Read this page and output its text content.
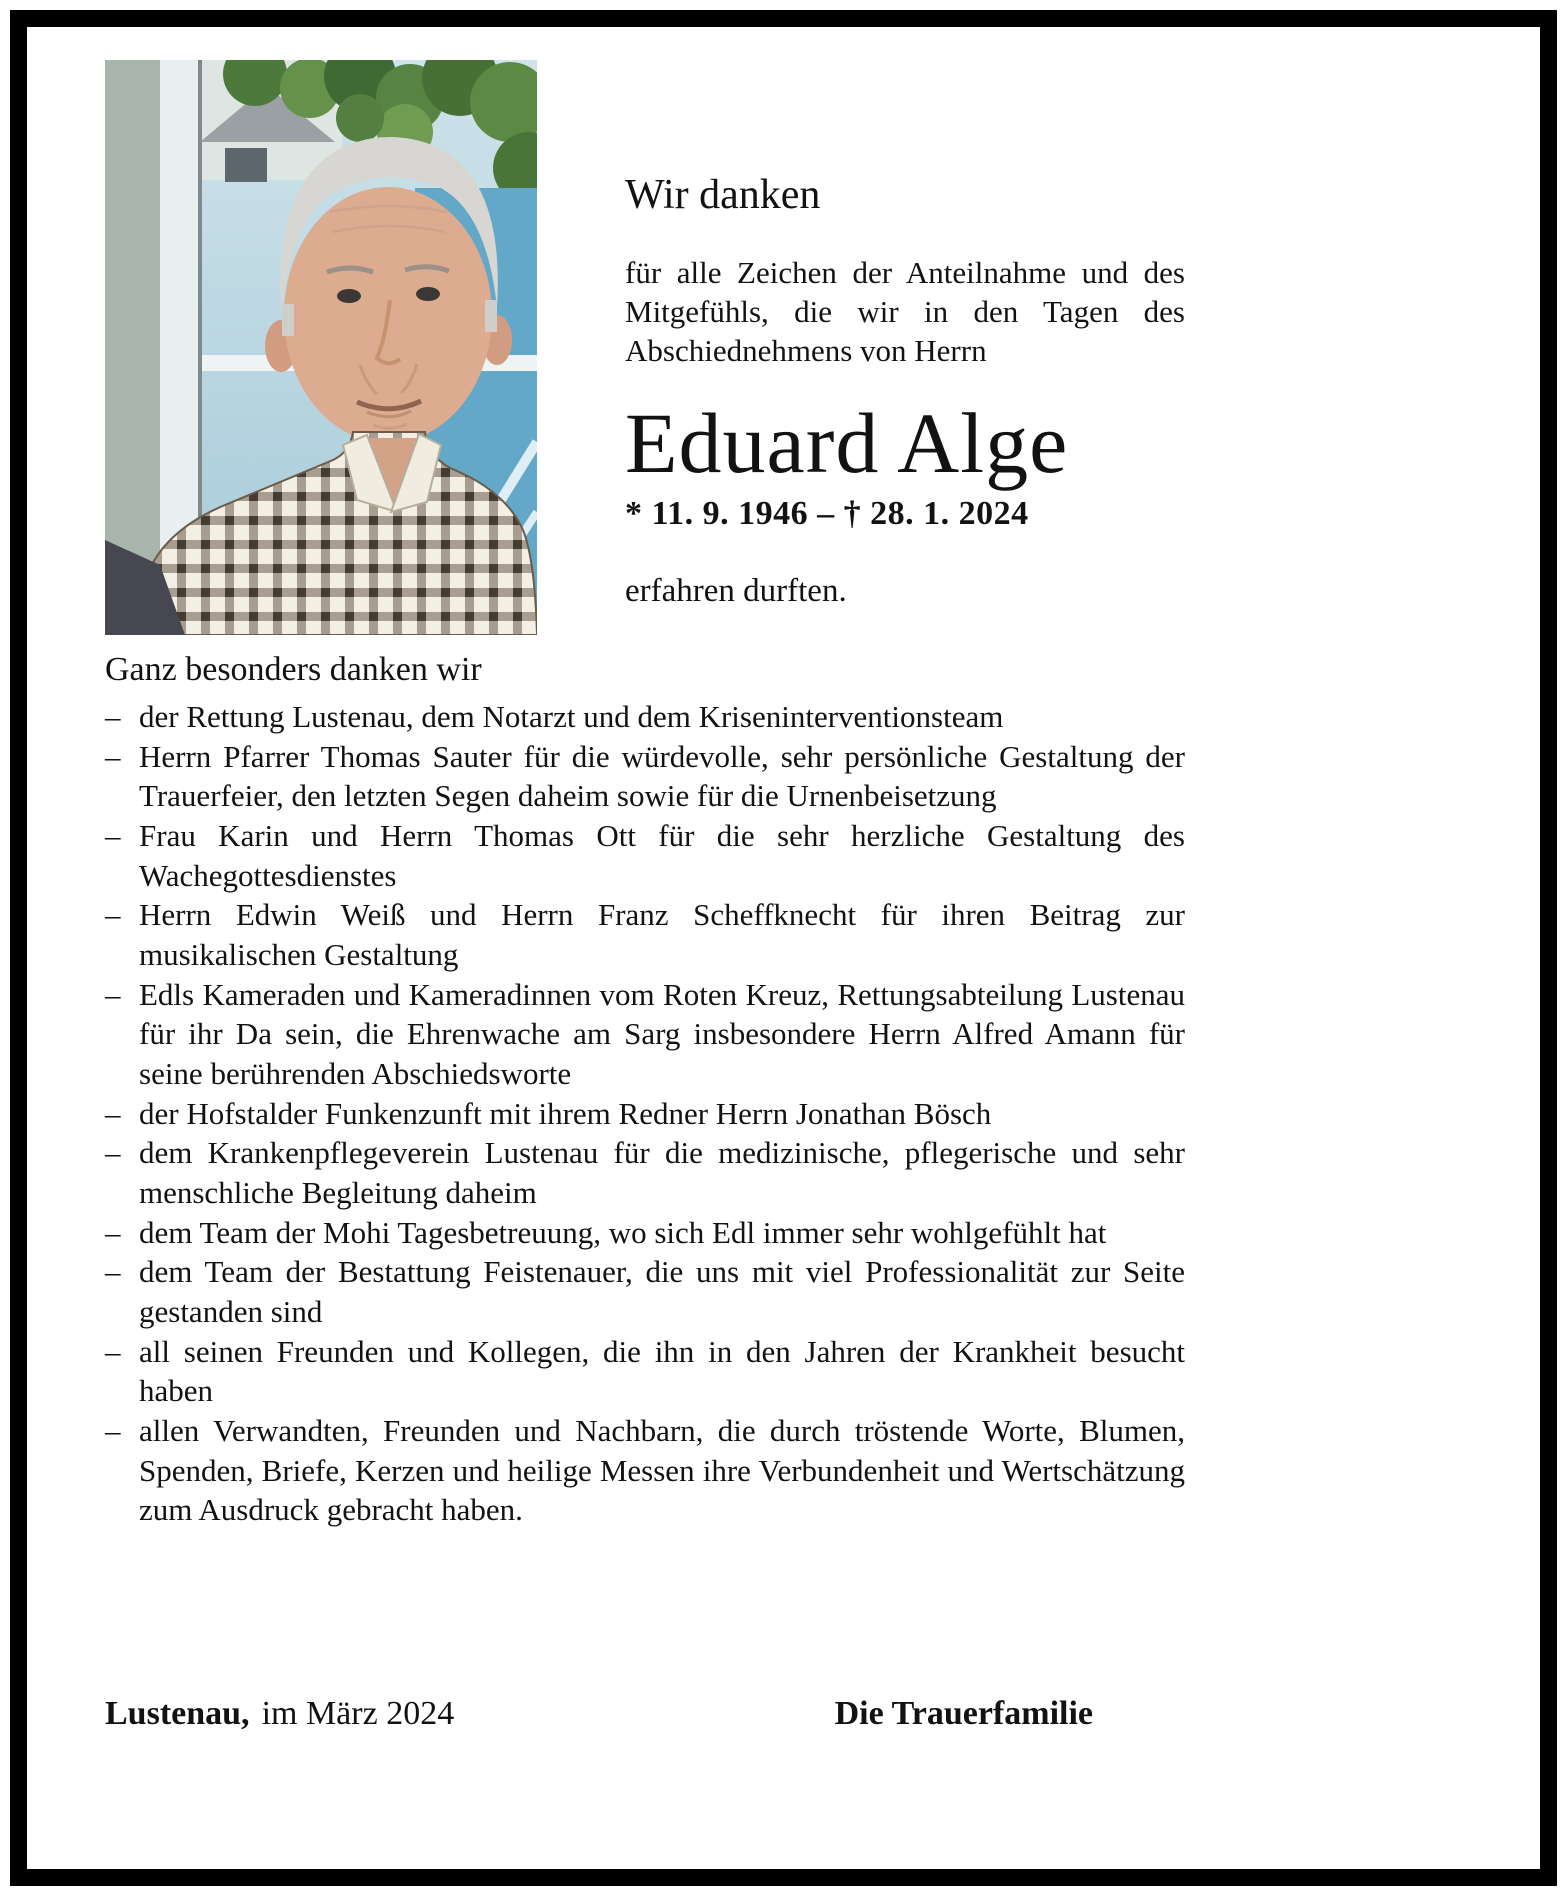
Wir danken

für alle Zeichen der Anteilnahme und des Mitgefühls, die wir in den Tagen des Abschiednehmens von Herrn

Eduard Alge
* 11. 9. 1946 – † 28. 1. 2024
erfahren durften.
Ganz besonders danken wir
– der Rettung Lustenau, dem Notarzt und dem Kriseninterventionsteam
– Herrn Pfarrer Thomas Sauter für die würdevolle, sehr persönliche Gestaltung der Trauerfeier, den letzten Segen daheim sowie für die Urnenbeisetzung
– Frau Karin und Herrn Thomas Ott für die sehr herzliche Gestaltung des Wachegottesdienstes
– Herrn Edwin Weiß und Herrn Franz Scheffknecht für ihren Beitrag zur musikalischen Gestaltung
– Edls Kameraden und Kameradinnen vom Roten Kreuz, Rettungsabteilung Lustenau für ihr Da sein, die Ehrenwache am Sarg insbesondere Herrn Alfred Amann für seine berührenden Abschiedsworte
– der Hofstalder Funkenzunft mit ihrem Redner Herrn Jonathan Bösch
– dem Krankenpflegeverein Lustenau für die medizinische, pflegerische und sehr menschliche Begleitung daheim
– dem Team der Mohi Tagesbetreuung, wo sich Edl immer sehr wohlgefühlt hat
– dem Team der Bestattung Feistenauer, die uns mit viel Professionalität zur Seite gestanden sind
– all seinen Freunden und Kollegen, die ihn in den Jahren der Krankheit besucht haben
– allen Verwandten, Freunden und Nachbarn, die durch tröstende Worte, Blumen, Spenden, Briefe, Kerzen und heilige Messen ihre Verbundenheit und Wertschätzung zum Ausdruck gebracht haben.
Lustenau, im März 2024	Die Trauerfamilie
